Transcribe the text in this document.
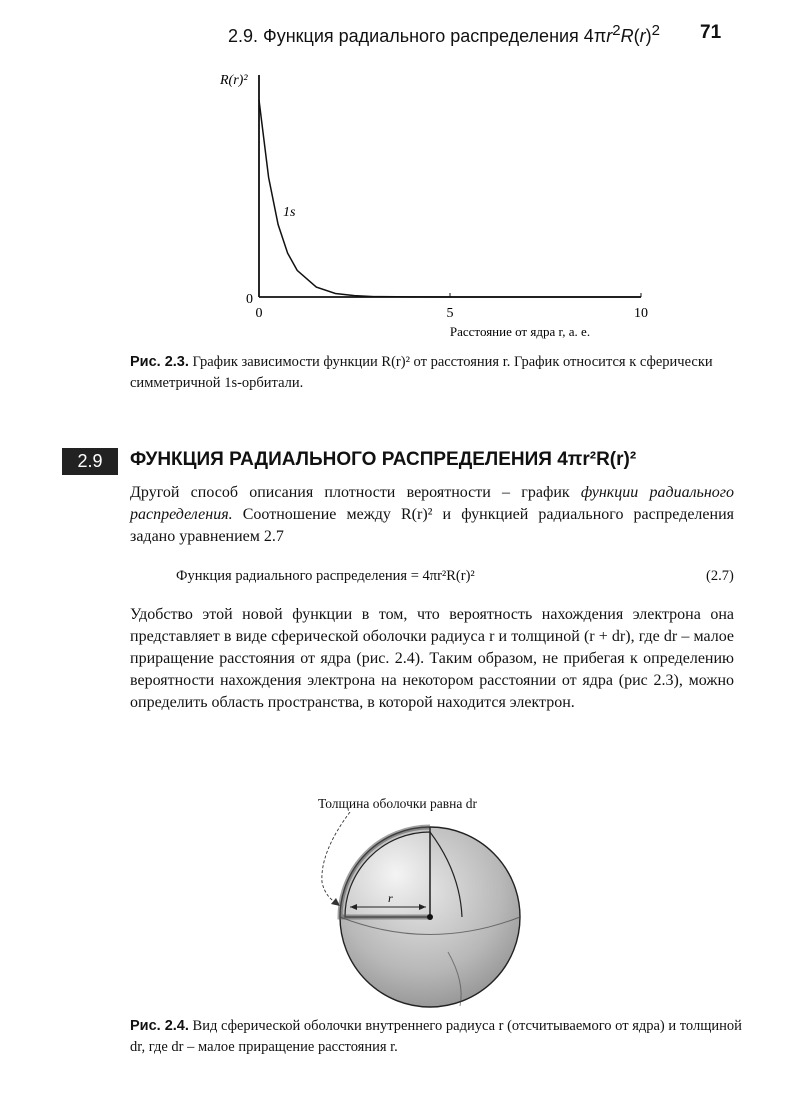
2.9. Функция радиального распределения $4\pi r^2R(r)^2$ 71
0	5	10
0
R(r)²
Расстояние от ядра r, а. е.
1s
Рис. 2.3. График зависимости функции R(r)² от расстояния r. График относится к сферически симметричной 1s-орбитали.
2.9	ФУНКЦИЯ РАДИАЛЬНОГО РАСПРЕДЕЛЕНИЯ 4πr²R(r)²
Другой способ описания плотности вероятности – график функции радиального распределения. Соотношение между R(r)² и функцией радиального распределения задано уравнением 2.7
Функция радиального распределения = 4πr²R(r)²	(2.7)
Удобство этой новой функции в том, что вероятность нахождения электрона она представляет в виде сферической оболочки радиуса r и толщиной (r + dr), где dr – малое приращение расстояния от ядра (рис. 2.4). Таким образом, не прибегая к определению вероятности нахождения электрона на некотором расстоянии от ядра (рис 2.3), можно определить область пространства, в которой находится электрон.
Толщина оболочки равна dr
r
Рис. 2.4. Вид сферической оболочки внутреннего радиуса r (отсчитываемого от ядра) и толщиной dr, где dr – малое приращение расстояния r.
